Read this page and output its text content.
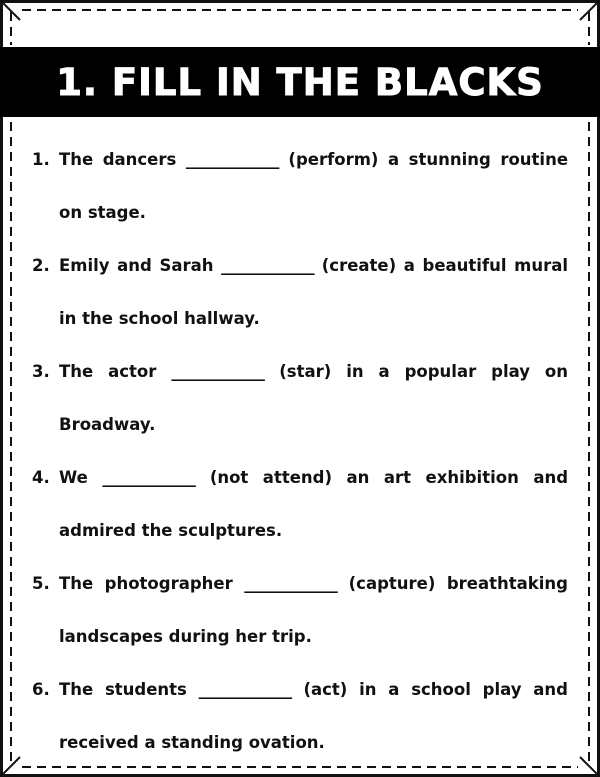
1. FILL IN THE BLACKS
1. The dancers ____________ (perform) a stunning routine on stage.
2. Emily and Sarah ____________ (create) a beautiful mural in the school hallway.
3. The actor ____________ (star) in a popular play on Broadway.
4. We ____________ (not attend) an art exhibition and admired the sculptures.
5. The photographer ____________ (capture) breathtaking landscapes during her trip.
6. The students ____________ (act) in a school play and received a standing ovation.
